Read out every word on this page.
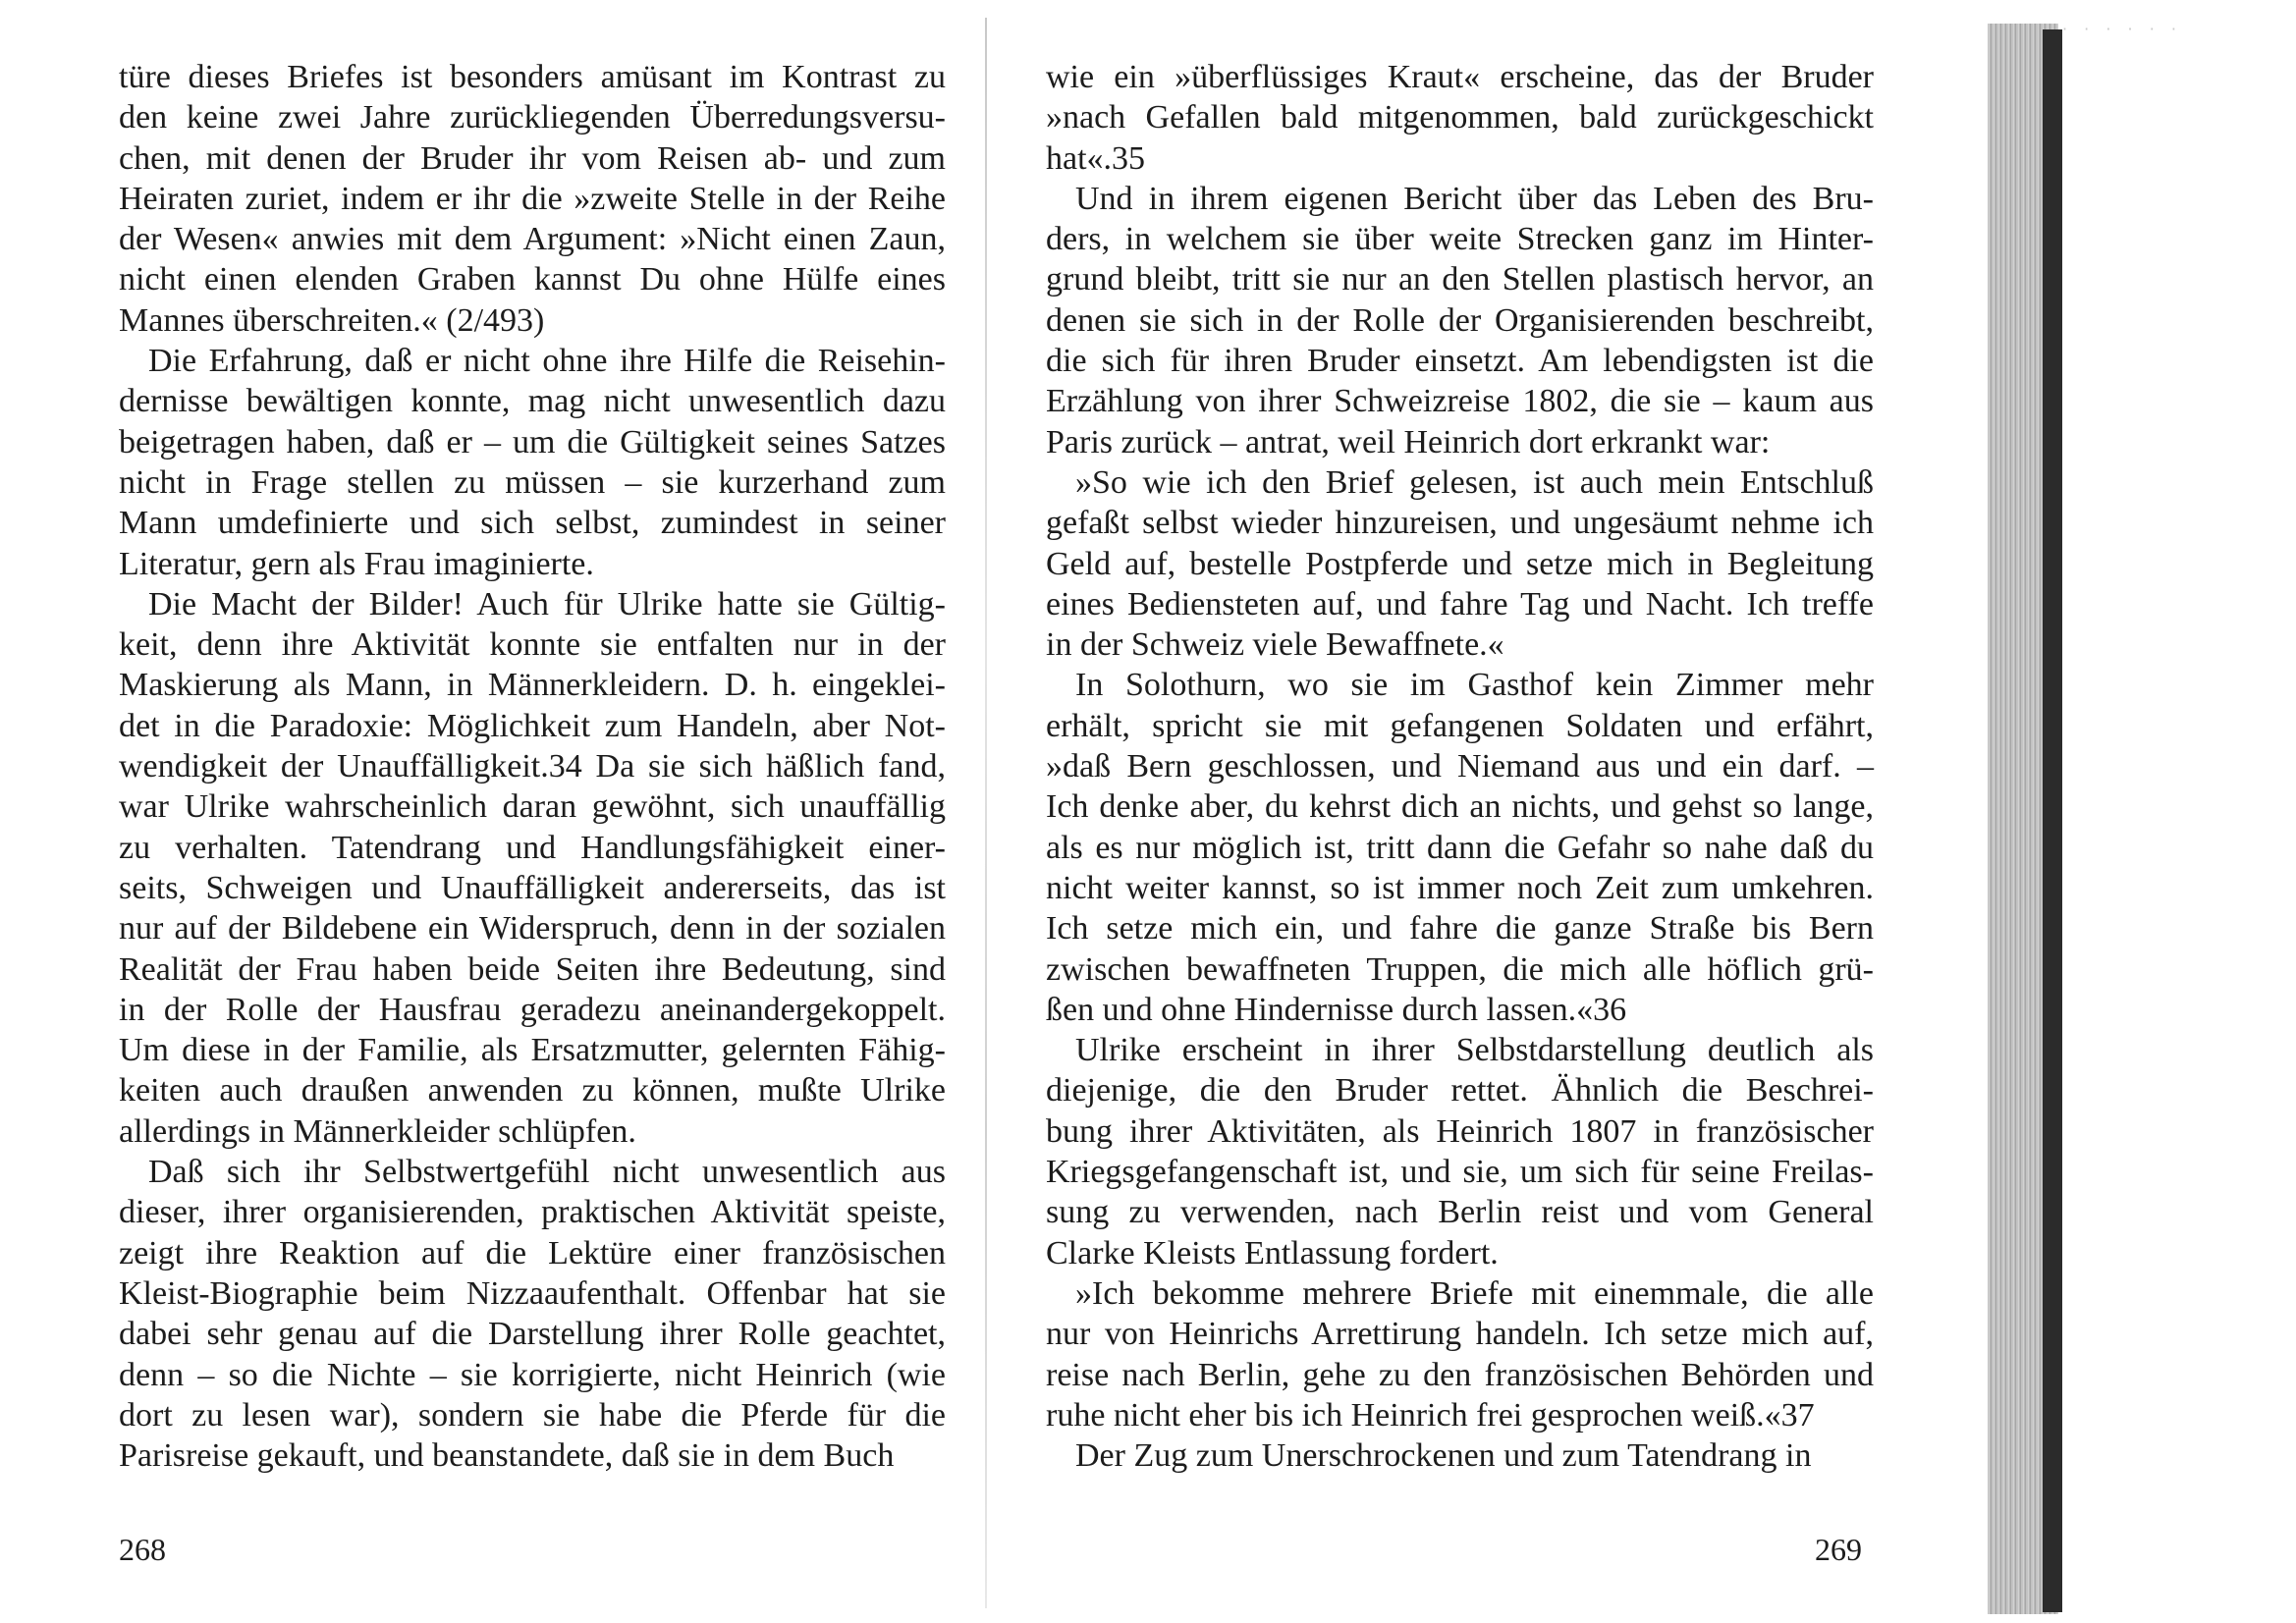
türe dieses Briefes ist besonders amüsant im Kontrast zu
den keine zwei Jahre zurückliegenden Überredungsversu-
chen, mit denen der Bruder ihr vom Reisen ab- und zum
Heiraten zuriet, indem er ihr die »zweite Stelle in der Reihe
der Wesen« anwies mit dem Argument: »Nicht einen Zaun,
nicht einen elenden Graben kannst Du ohne Hülfe eines
Mannes überschreiten.« (2/493)
Die Erfahrung, daß er nicht ohne ihre Hilfe die Reisehin-
dernisse bewältigen konnte, mag nicht unwesentlich dazu
beigetragen haben, daß er – um die Gültigkeit seines Satzes
nicht in Frage stellen zu müssen – sie kurzerhand zum
Mann umdefinierte und sich selbst, zumindest in seiner
Literatur, gern als Frau imaginierte.
Die Macht der Bilder! Auch für Ulrike hatte sie Gültig-
keit, denn ihre Aktivität konnte sie entfalten nur in der
Maskierung als Mann, in Männerkleidern. D. h. eingeklei-
det in die Paradoxie: Möglichkeit zum Handeln, aber Not-
wendigkeit der Unauffälligkeit.34 Da sie sich häßlich fand,
war Ulrike wahrscheinlich daran gewöhnt, sich unauffällig
zu verhalten. Tatendrang und Handlungsfähigkeit einer-
seits, Schweigen und Unauffälligkeit andererseits, das ist
nur auf der Bildebene ein Widerspruch, denn in der sozialen
Realität der Frau haben beide Seiten ihre Bedeutung, sind
in der Rolle der Hausfrau geradezu aneinandergekoppelt.
Um diese in der Familie, als Ersatzmutter, gelernten Fähig-
keiten auch draußen anwenden zu können, mußte Ulrike
allerdings in Männerkleider schlüpfen.
Daß sich ihr Selbstwertgefühl nicht unwesentlich aus
dieser, ihrer organisierenden, praktischen Aktivität speiste,
zeigt ihre Reaktion auf die Lektüre einer französischen
Kleist-Biographie beim Nizzaaufenthalt. Offenbar hat sie
dabei sehr genau auf die Darstellung ihrer Rolle geachtet,
denn – so die Nichte – sie korrigierte, nicht Heinrich (wie
dort zu lesen war), sondern sie habe die Pferde für die
Parisreise gekauft, und beanstandete, daß sie in dem Buch
268
wie ein »überflüssiges Kraut« erscheine, das der Bruder
»nach Gefallen bald mitgenommen, bald zurückgeschickt
hat«.35
Und in ihrem eigenen Bericht über das Leben des Bru-
ders, in welchem sie über weite Strecken ganz im Hinter-
grund bleibt, tritt sie nur an den Stellen plastisch hervor, an
denen sie sich in der Rolle der Organisierenden beschreibt,
die sich für ihren Bruder einsetzt. Am lebendigsten ist die
Erzählung von ihrer Schweizreise 1802, die sie – kaum aus
Paris zurück – antrat, weil Heinrich dort erkrankt war:
»So wie ich den Brief gelesen, ist auch mein Entschluß
gefaßt selbst wieder hinzureisen, und ungesäumt nehme ich
Geld auf, bestelle Postpferde und setze mich in Begleitung
eines Bediensteten auf, und fahre Tag und Nacht. Ich treffe
in der Schweiz viele Bewaffnete.«
In Solothurn, wo sie im Gasthof kein Zimmer mehr
erhält, spricht sie mit gefangenen Soldaten und erfährt,
»daß Bern geschlossen, und Niemand aus und ein darf. –
Ich denke aber, du kehrst dich an nichts, und gehst so lange,
als es nur möglich ist, tritt dann die Gefahr so nahe daß du
nicht weiter kannst, so ist immer noch Zeit zum umkehren.
Ich setze mich ein, und fahre die ganze Straße bis Bern
zwischen bewaffneten Truppen, die mich alle höflich grü-
ßen und ohne Hindernisse durch lassen.«36
Ulrike erscheint in ihrer Selbstdarstellung deutlich als
diejenige, die den Bruder rettet. Ähnlich die Beschrei-
bung ihrer Aktivitäten, als Heinrich 1807 in französischer
Kriegsgefangenschaft ist, und sie, um sich für seine Freilas-
sung zu verwenden, nach Berlin reist und vom General
Clarke Kleists Entlassung fordert.
»Ich bekomme mehrere Briefe mit einemmale, die alle
nur von Heinrichs Arrettirung handeln. Ich setze mich auf,
reise nach Berlin, gehe zu den französischen Behörden und
ruhe nicht eher bis ich Heinrich frei gesprochen weiß.«37
Der Zug zum Unerschrockenen und zum Tatendrang in
269
· · · · · ·
